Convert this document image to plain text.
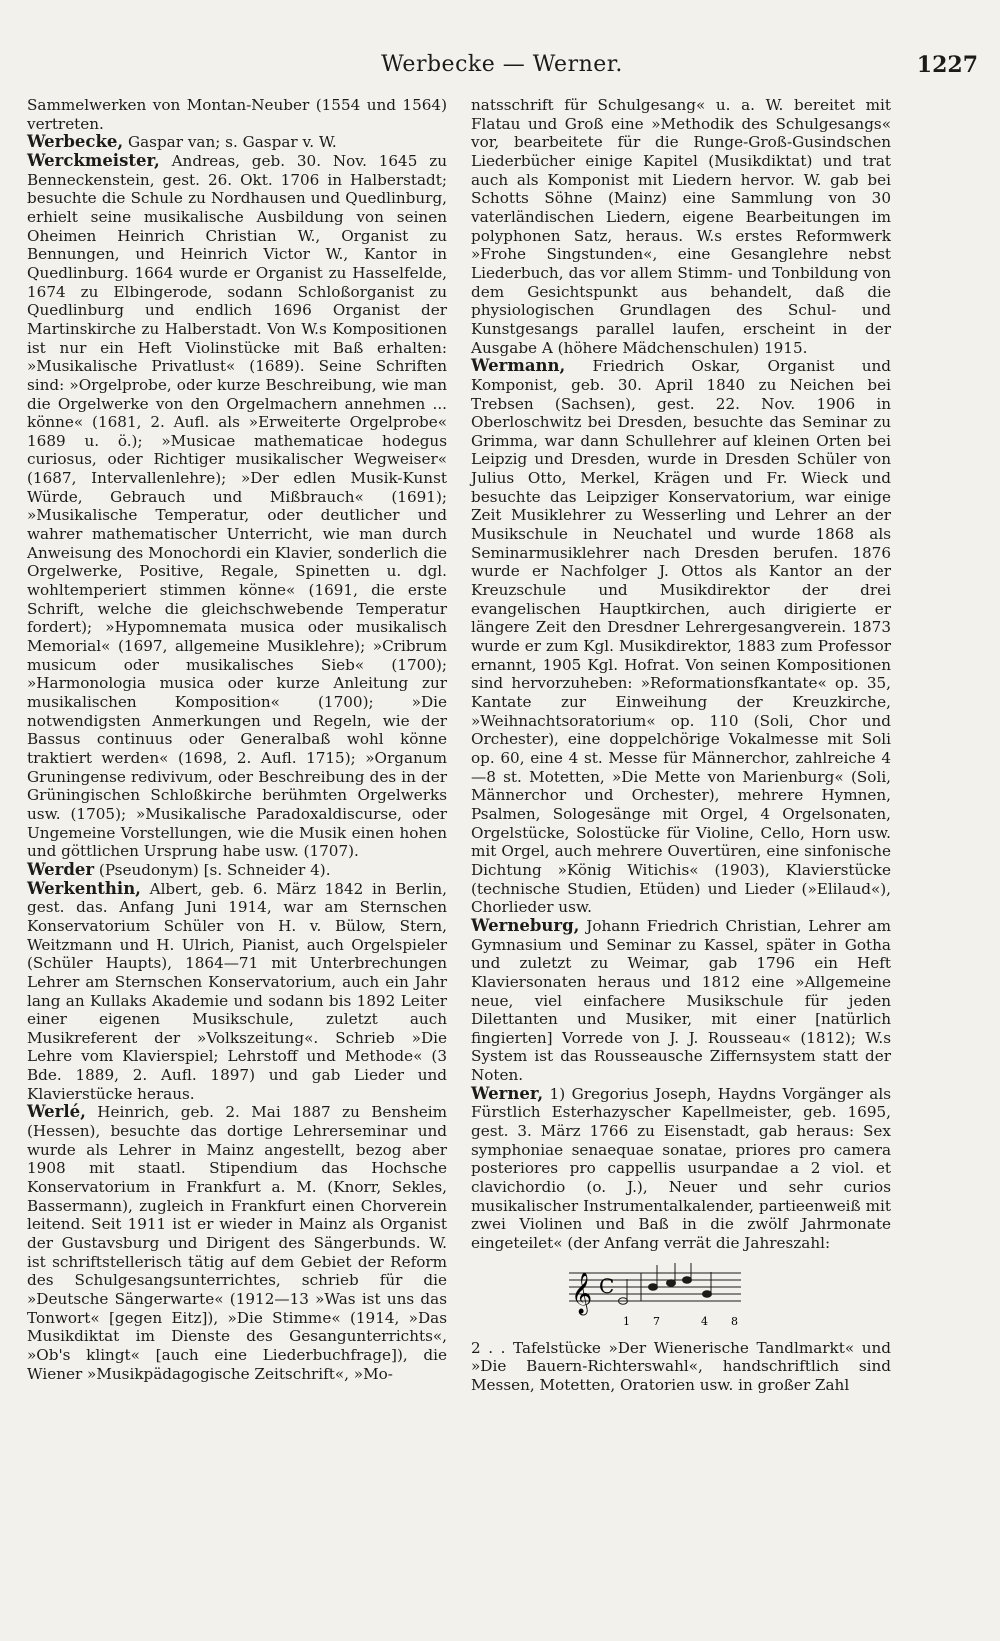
Werbecke — Werner.	1227

Sammelwerken von Montan-Neuber (1554 und 1564) vertreten.

Werbecke, Gaspar van; s. Gaspar v. W.

Werckmeister, Andreas, geb. 30. Nov. 1645 zu Benneckenstein, gest. 26. Okt. 1706 in Halberstadt; besuchte die Schule zu Nordhausen und Quedlinburg, erhielt seine musikalische Ausbildung von seinen Oheimen Heinrich Christian W., Organist zu Bennungen, und Heinrich Victor W., Kantor in Quedlinburg. 1664 wurde er Organist zu Hasselfelde, 1674 zu Elbingerode, sodann Schloßorganist zu Quedlinburg und endlich 1696 Organist der Martinskirche zu Halberstadt. Von W.s Kompositionen ist nur ein Heft Violinstücke mit Baß erhalten: »Musikalische Privatlust« (1689). Seine Schriften sind: »Orgelprobe, oder kurze Beschreibung, wie man die Orgelwerke von den Orgelmachern annehmen ... könne« (1681, 2. Aufl. als »Erweiterte Orgelprobe« 1689 u. ö.); »Musicae mathematicae hodegus curiosus, oder Richtiger musikalischer Wegweiser« (1687, Intervallenlehre); »Der edlen Musik-Kunst Würde, Gebrauch und Mißbrauch« (1691); »Musikalische Temperatur, oder deutlicher und wahrer mathematischer Unterricht, wie man durch Anweisung des Monochordi ein Klavier, sonderlich die Orgelwerke, Positive, Regale, Spinetten u. dgl. wohltemperiert stimmen könne« (1691, die erste Schrift, welche die gleichschwebende Temperatur fordert); »Hypomnemata musica oder musikalisch Memorial« (1697, allgemeine Musiklehre); »Cribrum musicum oder musikalisches Sieb« (1700); »Harmonologia musica oder kurze Anleitung zur musikalischen Komposition« (1700); »Die notwendigsten Anmerkungen und Regeln, wie der Bassus continuus oder Generalbaß wohl könne traktiert werden« (1698, 2. Aufl. 1715); »Organum Gruningense redivivum, oder Beschreibung des in der Grüningischen Schloßkirche berühmten Orgelwerks usw. (1705); »Musikalische Paradoxaldiscurse, oder Ungemeine Vorstellungen, wie die Musik einen hohen und göttlichen Ursprung habe usw. (1707).

Werder (Pseudonym) [s. Schneider 4).

Werkenthin, Albert, geb. 6. März 1842 in Berlin, gest. das. Anfang Juni 1914, war am Sternschen Konservatorium Schüler von H. v. Bülow, Stern, Weitzmann und H. Ulrich, Pianist, auch Orgelspieler (Schüler Haupts), 1864—71 mit Unterbrechungen Lehrer am Sternschen Konservatorium, auch ein Jahr lang an Kullaks Akademie und sodann bis 1892 Leiter einer eigenen Musikschule, zuletzt auch Musikreferent der »Volkszeitung«. Schrieb »Die Lehre vom Klavierspiel; Lehrstoff und Methode« (3 Bde. 1889, 2. Aufl. 1897) und gab Lieder und Klavierstücke heraus.

Werlé, Heinrich, geb. 2. Mai 1887 zu Bensheim (Hessen), besuchte das dortige Lehrerseminar und wurde als Lehrer in Mainz angestellt, bezog aber 1908 mit staatl. Stipendium das Hochsche Konservatorium in Frankfurt a. M. (Knorr, Sekles, Bassermann), zugleich in Frankfurt einen Chorverein leitend. Seit 1911 ist er wieder in Mainz als Organist der Gustavsburg und Dirigent des Sängerbunds. W. ist schriftstellerisch tätig auf dem Gebiet der Reform des Schulgesangsunterrichtes, schrieb für die »Deutsche Sängerwarte« (1912—13 »Was ist uns das Tonwort« [gegen Eitz]), »Die Stimme« (1914, »Das Musikdiktat im Dienste des Gesangunterrichts«, »Ob's klingt« [auch eine Liederbuchfrage]), die Wiener »Musikpädagogische Zeitschrift«, »Mo-

natsschrift für Schulgesang« u. a. W. bereitet mit Flatau und Groß eine »Methodik des Schulgesangs« vor, bearbeitete für die Runge-Groß-Gusindschen Liederbücher einige Kapitel (Musikdiktat) und trat auch als Komponist mit Liedern hervor. W. gab bei Schotts Söhne (Mainz) eine Sammlung von 30 vaterländischen Liedern, eigene Bearbeitungen im polyphonen Satz, heraus. W.s erstes Reformwerk »Frohe Singstunden«, eine Gesanglehre nebst Liederbuch, das vor allem Stimm- und Tonbildung von dem Gesichtspunkt aus behandelt, daß die physiologischen Grundlagen des Schul- und Kunstgesangs parallel laufen, erscheint in der Ausgabe A (höhere Mädchenschulen) 1915.

Wermann, Friedrich Oskar, Organist und Komponist, geb. 30. April 1840 zu Neichen bei Trebsen (Sachsen), gest. 22. Nov. 1906 in Oberloschwitz bei Dresden, besuchte das Seminar zu Grimma, war dann Schullehrer auf kleinen Orten bei Leipzig und Dresden, wurde in Dresden Schüler von Julius Otto, Merkel, Krägen und Fr. Wieck und besuchte das Leipziger Konservatorium, war einige Zeit Musiklehrer zu Wesserling und Lehrer an der Musikschule in Neuchatel und wurde 1868 als Seminarmusiklehrer nach Dresden berufen. 1876 wurde er Nachfolger J. Ottos als Kantor an der Kreuzschule und Musikdirektor der drei evangelischen Hauptkirchen, auch dirigierte er längere Zeit den Dresdner Lehrergesangverein. 1873 wurde er zum Kgl. Musikdirektor, 1883 zum Professor ernannt, 1905 Kgl. Hofrat. Von seinen Kompositionen sind hervorzuheben: »Reformationsfkantate« op. 35, Kantate zur Einweihung der Kreuzkirche, »Weihnachtsoratorium« op. 110 (Soli, Chor und Orchester), eine doppelchörige Vokalmesse mit Soli op. 60, eine 4 st. Messe für Männerchor, zahlreiche 4—8 st. Motetten, »Die Mette von Marienburg« (Soli, Männerchor und Orchester), mehrere Hymnen, Psalmen, Sologesänge mit Orgel, 4 Orgelsonaten, Orgelstücke, Solostücke für Violine, Cello, Horn usw. mit Orgel, auch mehrere Ouvertüren, eine sinfonische Dichtung »König Witichis« (1903), Klavierstücke (technische Studien, Etüden) und Lieder (»Elilaud«), Chorlieder usw.

Werneburg, Johann Friedrich Christian, Lehrer am Gymnasium und Seminar zu Kassel, später in Gotha und zuletzt zu Weimar, gab 1796 ein Heft Klaviersonaten heraus und 1812 eine »Allgemeine neue, viel einfachere Musikschule für jeden Dilettanten und Musiker, mit einer [natürlich fingierten] Vorrede von J. J. Rousseau« (1812); W.s System ist das Rousseausche Ziffernsystem statt der Noten.

Werner, 1) Gregorius Joseph, Haydns Vorgänger als Fürstlich Esterhazyscher Kapellmeister, geb. 1695, gest. 3. März 1766 zu Eisenstadt, gab heraus: Sex symphoniae senaequae sonatae, priores pro camera posteriores pro cappellis usurpandae a 2 viol. et clavichordio (o. J.), Neuer und sehr curios musikalischer Instrumentalkalender, partieenweiß mit zwei Violinen und Baß in die zwölf Jahrmonate eingeteilet« (der Anfang verrät die Jahreszahl:

𝄞 C
1 7	4 8

2 . . Tafelstücke »Der Wienerische Tandlmarkt« und »Die Bauern-Richterswahl«, handschriftlich sind Messen, Motetten, Oratorien usw. in großer Zahl
